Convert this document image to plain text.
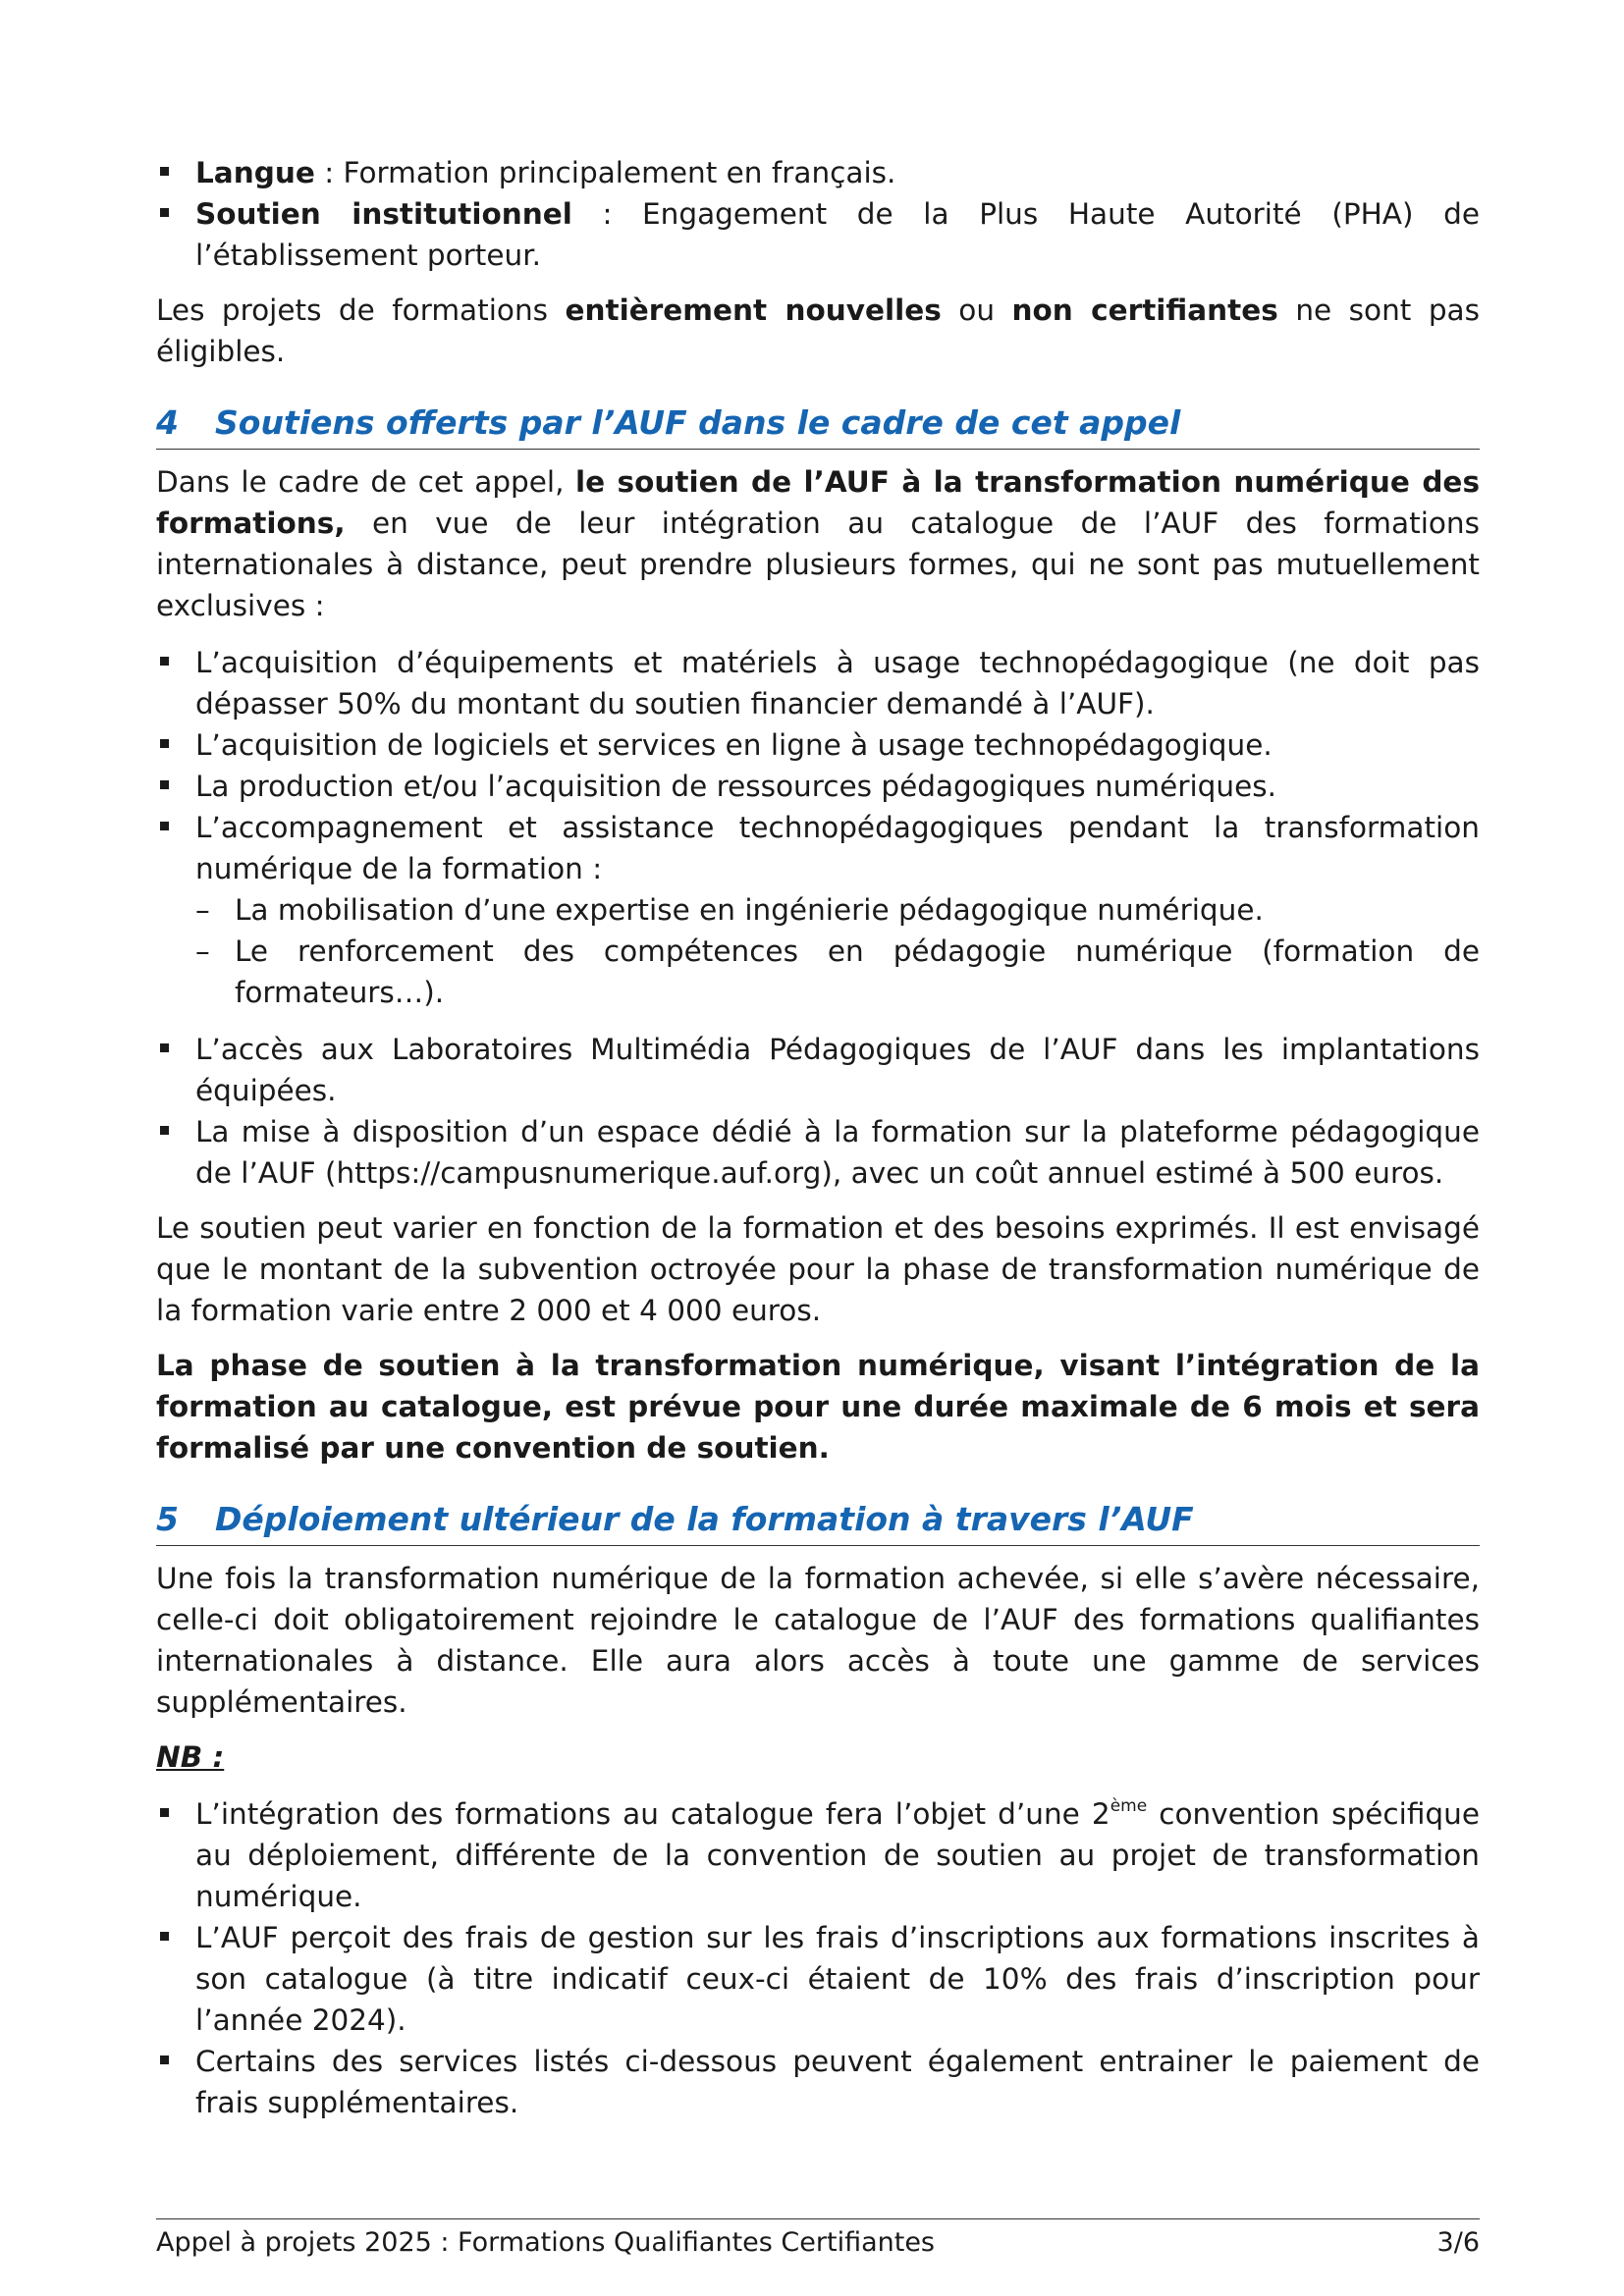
Langue : Formation principalement en français.
Soutien institutionnel : Engagement de la Plus Haute Autorité (PHA) de l’établissement porteur.

Les projets de formations entièrement nouvelles ou non certifiantes ne sont pas éligibles.

4	Soutiens offerts par l’AUF dans le cadre de cet appel

Dans le cadre de cet appel, le soutien de l’AUF à la transformation numérique des formations, en vue de leur intégration au catalogue de l’AUF des formations internationales à distance, peut prendre plusieurs formes, qui ne sont pas mutuellement exclusives :

L’acquisition d’équipements et matériels à usage technopédagogique (ne doit pas dépasser 50% du montant du soutien financier demandé à l’AUF).
L’acquisition de logiciels et services en ligne à usage technopédagogique.
La production et/ou l’acquisition de ressources pédagogiques numériques.
L’accompagnement et assistance technopédagogiques pendant la transformation numérique de la formation :
– La mobilisation d’une expertise en ingénierie pédagogique numérique.
– Le renforcement des compétences en pédagogie numérique (formation de formateurs…).
L’accès aux Laboratoires Multimédia Pédagogiques de l’AUF dans les implantations équipées.
La mise à disposition d’un espace dédié à la formation sur la plateforme pédagogique de l’AUF (https://campusnumerique.auf.org), avec un coût annuel estimé à 500 euros.

Le soutien peut varier en fonction de la formation et des besoins exprimés. Il est envisagé que le montant de la subvention octroyée pour la phase de transformation numérique de la formation varie entre 2 000 et 4 000 euros.

La phase de soutien à la transformation numérique, visant l’intégration de la formation au catalogue, est prévue pour une durée maximale de 6 mois et sera formalisé par une convention de soutien.

5	Déploiement ultérieur de la formation à travers l’AUF

Une fois la transformation numérique de la formation achevée, si elle s’avère nécessaire, celle-ci doit obligatoirement rejoindre le catalogue de l’AUF des formations qualifiantes internationales à distance. Elle aura alors accès à toute une gamme de services supplémentaires.

NB :

L’intégration des formations au catalogue fera l’objet d’une 2ème convention spécifique au déploiement, différente de la convention de soutien au projet de transformation numérique.
L’AUF perçoit des frais de gestion sur les frais d’inscriptions aux formations inscrites à son catalogue (à titre indicatif ceux-ci étaient de 10% des frais d’inscription pour l’année 2024).
Certains des services listés ci-dessous peuvent également entrainer le paiement de frais supplémentaires.
Appel à projets 2025 : Formations Qualifiantes Certifiantes	3/6
